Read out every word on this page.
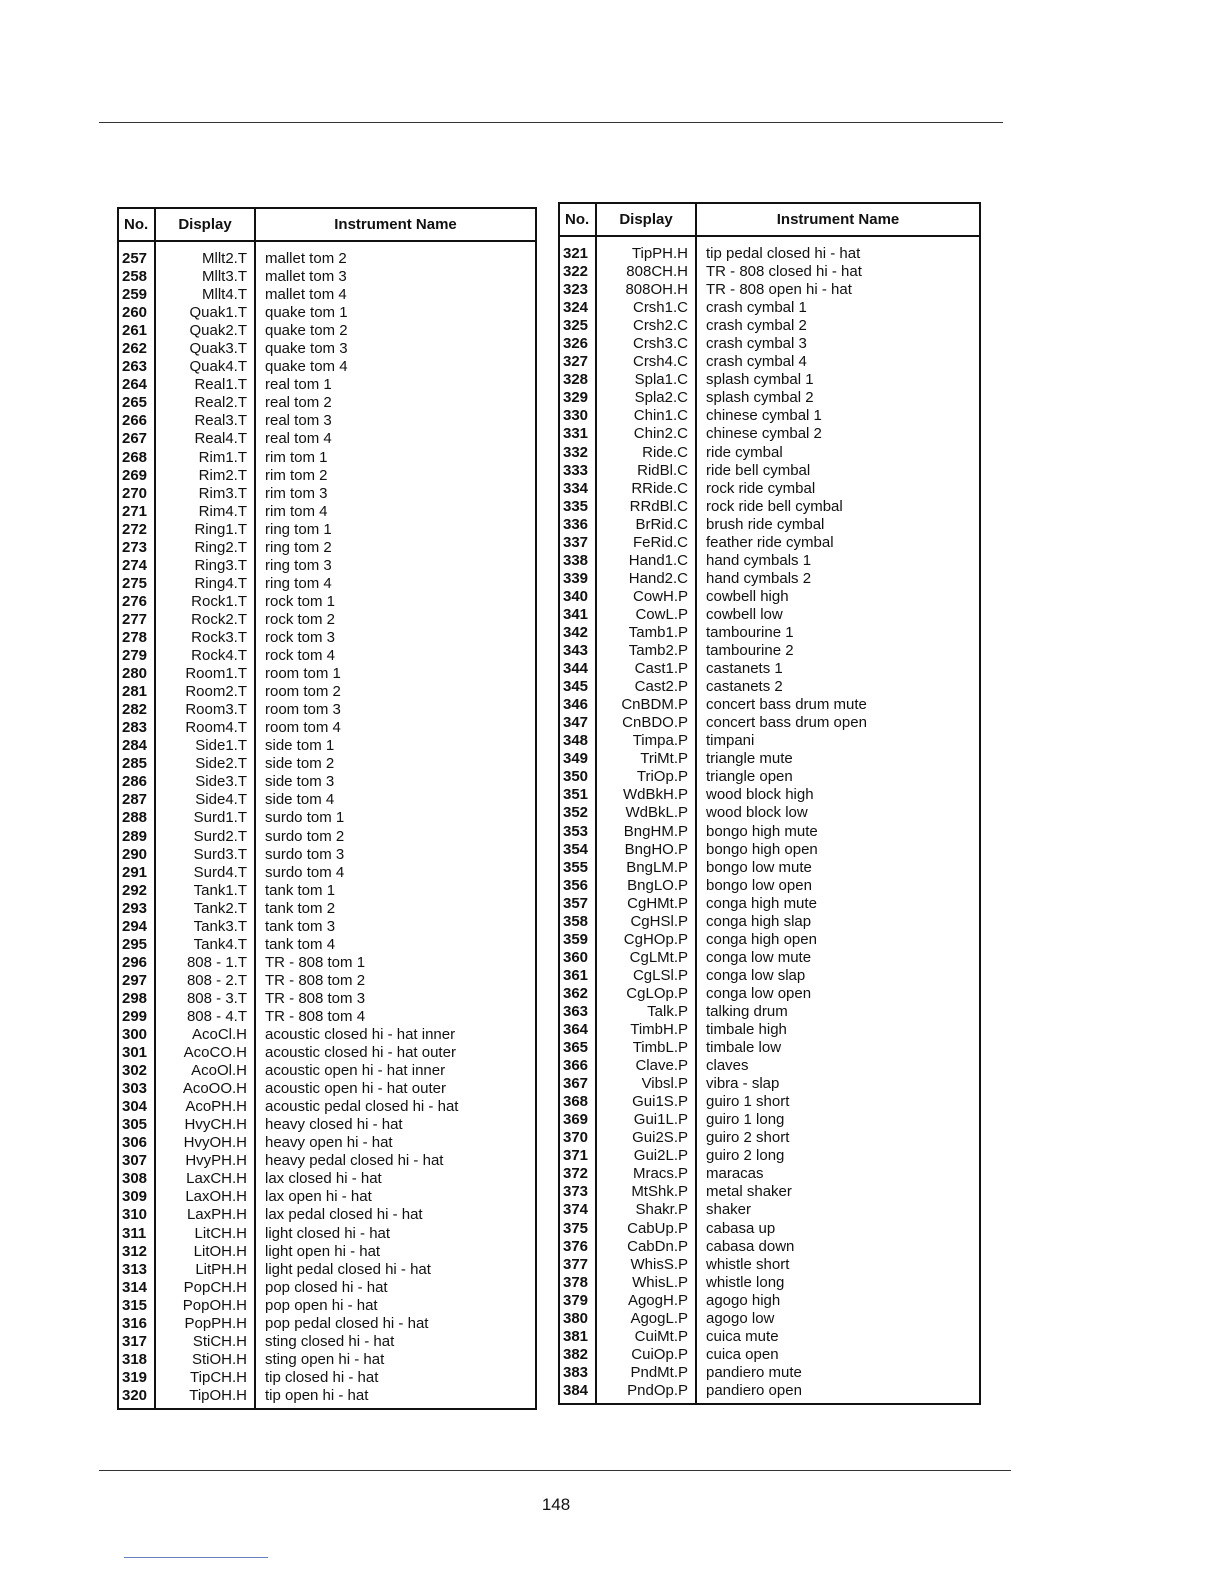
No.	Display	Instrument Name
257	Mllt2.T	mallet tom 2
258	Mllt3.T	mallet tom 3
259	Mllt4.T	mallet tom 4
260	Quak1.T	quake tom 1
261	Quak2.T	quake tom 2
262	Quak3.T	quake tom 3
263	Quak4.T	quake tom 4
264	Real1.T	real tom 1
265	Real2.T	real tom 2
266	Real3.T	real tom 3
267	Real4.T	real tom 4
268	Rim1.T	rim tom 1
269	Rim2.T	rim tom 2
270	Rim3.T	rim tom 3
271	Rim4.T	rim tom 4
272	Ring1.T	ring tom 1
273	Ring2.T	ring tom 2
274	Ring3.T	ring tom 3
275	Ring4.T	ring tom 4
276	Rock1.T	rock tom 1
277	Rock2.T	rock tom 2
278	Rock3.T	rock tom 3
279	Rock4.T	rock tom 4
280	Room1.T	room tom 1
281	Room2.T	room tom 2
282	Room3.T	room tom 3
283	Room4.T	room tom 4
284	Side1.T	side tom 1
285	Side2.T	side tom 2
286	Side3.T	side tom 3
287	Side4.T	side tom 4
288	Surd1.T	surdo tom 1
289	Surd2.T	surdo tom 2
290	Surd3.T	surdo tom 3
291	Surd4.T	surdo tom 4
292	Tank1.T	tank tom 1
293	Tank2.T	tank tom 2
294	Tank3.T	tank tom 3
295	Tank4.T	tank tom 4
296	808 - 1.T	TR - 808 tom 1
297	808 - 2.T	TR - 808 tom 2
298	808 - 3.T	TR - 808 tom 3
299	808 - 4.T	TR - 808 tom 4
300	AcoCl.H	acoustic closed hi - hat inner
301	AcoCO.H	acoustic closed hi - hat outer
302	AcoOl.H	acoustic open hi - hat inner
303	AcoOO.H	acoustic open hi - hat outer
304	AcoPH.H	acoustic pedal closed hi - hat
305	HvyCH.H	heavy closed hi - hat
306	HvyOH.H	heavy open hi - hat
307	HvyPH.H	heavy pedal closed hi - hat
308	LaxCH.H	lax closed hi - hat
309	LaxOH.H	lax open hi - hat
310	LaxPH.H	lax pedal closed hi - hat
311	LitCH.H	light closed hi - hat
312	LitOH.H	light open hi - hat
313	LitPH.H	light pedal closed hi - hat
314	PopCH.H	pop closed hi - hat
315	PopOH.H	pop open hi - hat
316	PopPH.H	pop pedal closed hi - hat
317	StiCH.H	sting closed hi - hat
318	StiOH.H	sting open hi - hat
319	TipCH.H	tip closed hi - hat
320	TipOH.H	tip open hi - hat
No.	Display	Instrument Name
321	TipPH.H	tip pedal closed hi - hat
322	808CH.H	TR - 808 closed hi - hat
323	808OH.H	TR - 808 open hi - hat
324	Crsh1.C	crash cymbal 1
325	Crsh2.C	crash cymbal 2
326	Crsh3.C	crash cymbal 3
327	Crsh4.C	crash cymbal 4
328	Spla1.C	splash cymbal 1
329	Spla2.C	splash cymbal 2
330	Chin1.C	chinese cymbal 1
331	Chin2.C	chinese cymbal 2
332	Ride.C	ride cymbal
333	RidBl.C	ride bell cymbal
334	RRide.C	rock ride cymbal
335	RRdBl.C	rock ride bell cymbal
336	BrRid.C	brush ride cymbal
337	FeRid.C	feather ride cymbal
338	Hand1.C	hand cymbals 1
339	Hand2.C	hand cymbals 2
340	CowH.P	cowbell high
341	CowL.P	cowbell low
342	Tamb1.P	tambourine 1
343	Tamb2.P	tambourine 2
344	Cast1.P	castanets 1
345	Cast2.P	castanets 2
346	CnBDM.P	concert bass drum mute
347	CnBDO.P	concert bass drum open
348	Timpa.P	timpani
349	TriMt.P	triangle mute
350	TriOp.P	triangle open
351	WdBkH.P	wood block high
352	WdBkL.P	wood block low
353	BngHM.P	bongo high mute
354	BngHO.P	bongo high open
355	BngLM.P	bongo low mute
356	BngLO.P	bongo low open
357	CgHMt.P	conga high mute
358	CgHSl.P	conga high slap
359	CgHOp.P	conga high open
360	CgLMt.P	conga low mute
361	CgLSl.P	conga low slap
362	CgLOp.P	conga low open
363	Talk.P	talking drum
364	TimbH.P	timbale high
365	TimbL.P	timbale low
366	Clave.P	claves
367	Vibsl.P	vibra - slap
368	Gui1S.P	guiro 1 short
369	Gui1L.P	guiro 1 long
370	Gui2S.P	guiro 2 short
371	Gui2L.P	guiro 2 long
372	Mracs.P	maracas
373	MtShk.P	metal shaker
374	Shakr.P	shaker
375	CabUp.P	cabasa up
376	CabDn.P	cabasa down
377	WhisS.P	whistle short
378	WhisL.P	whistle long
379	AgogH.P	agogo high
380	AgogL.P	agogo low
381	CuiMt.P	cuica mute
382	CuiOp.P	cuica open
383	PndMt.P	pandiero mute
384	PndOp.P	pandiero open
148
